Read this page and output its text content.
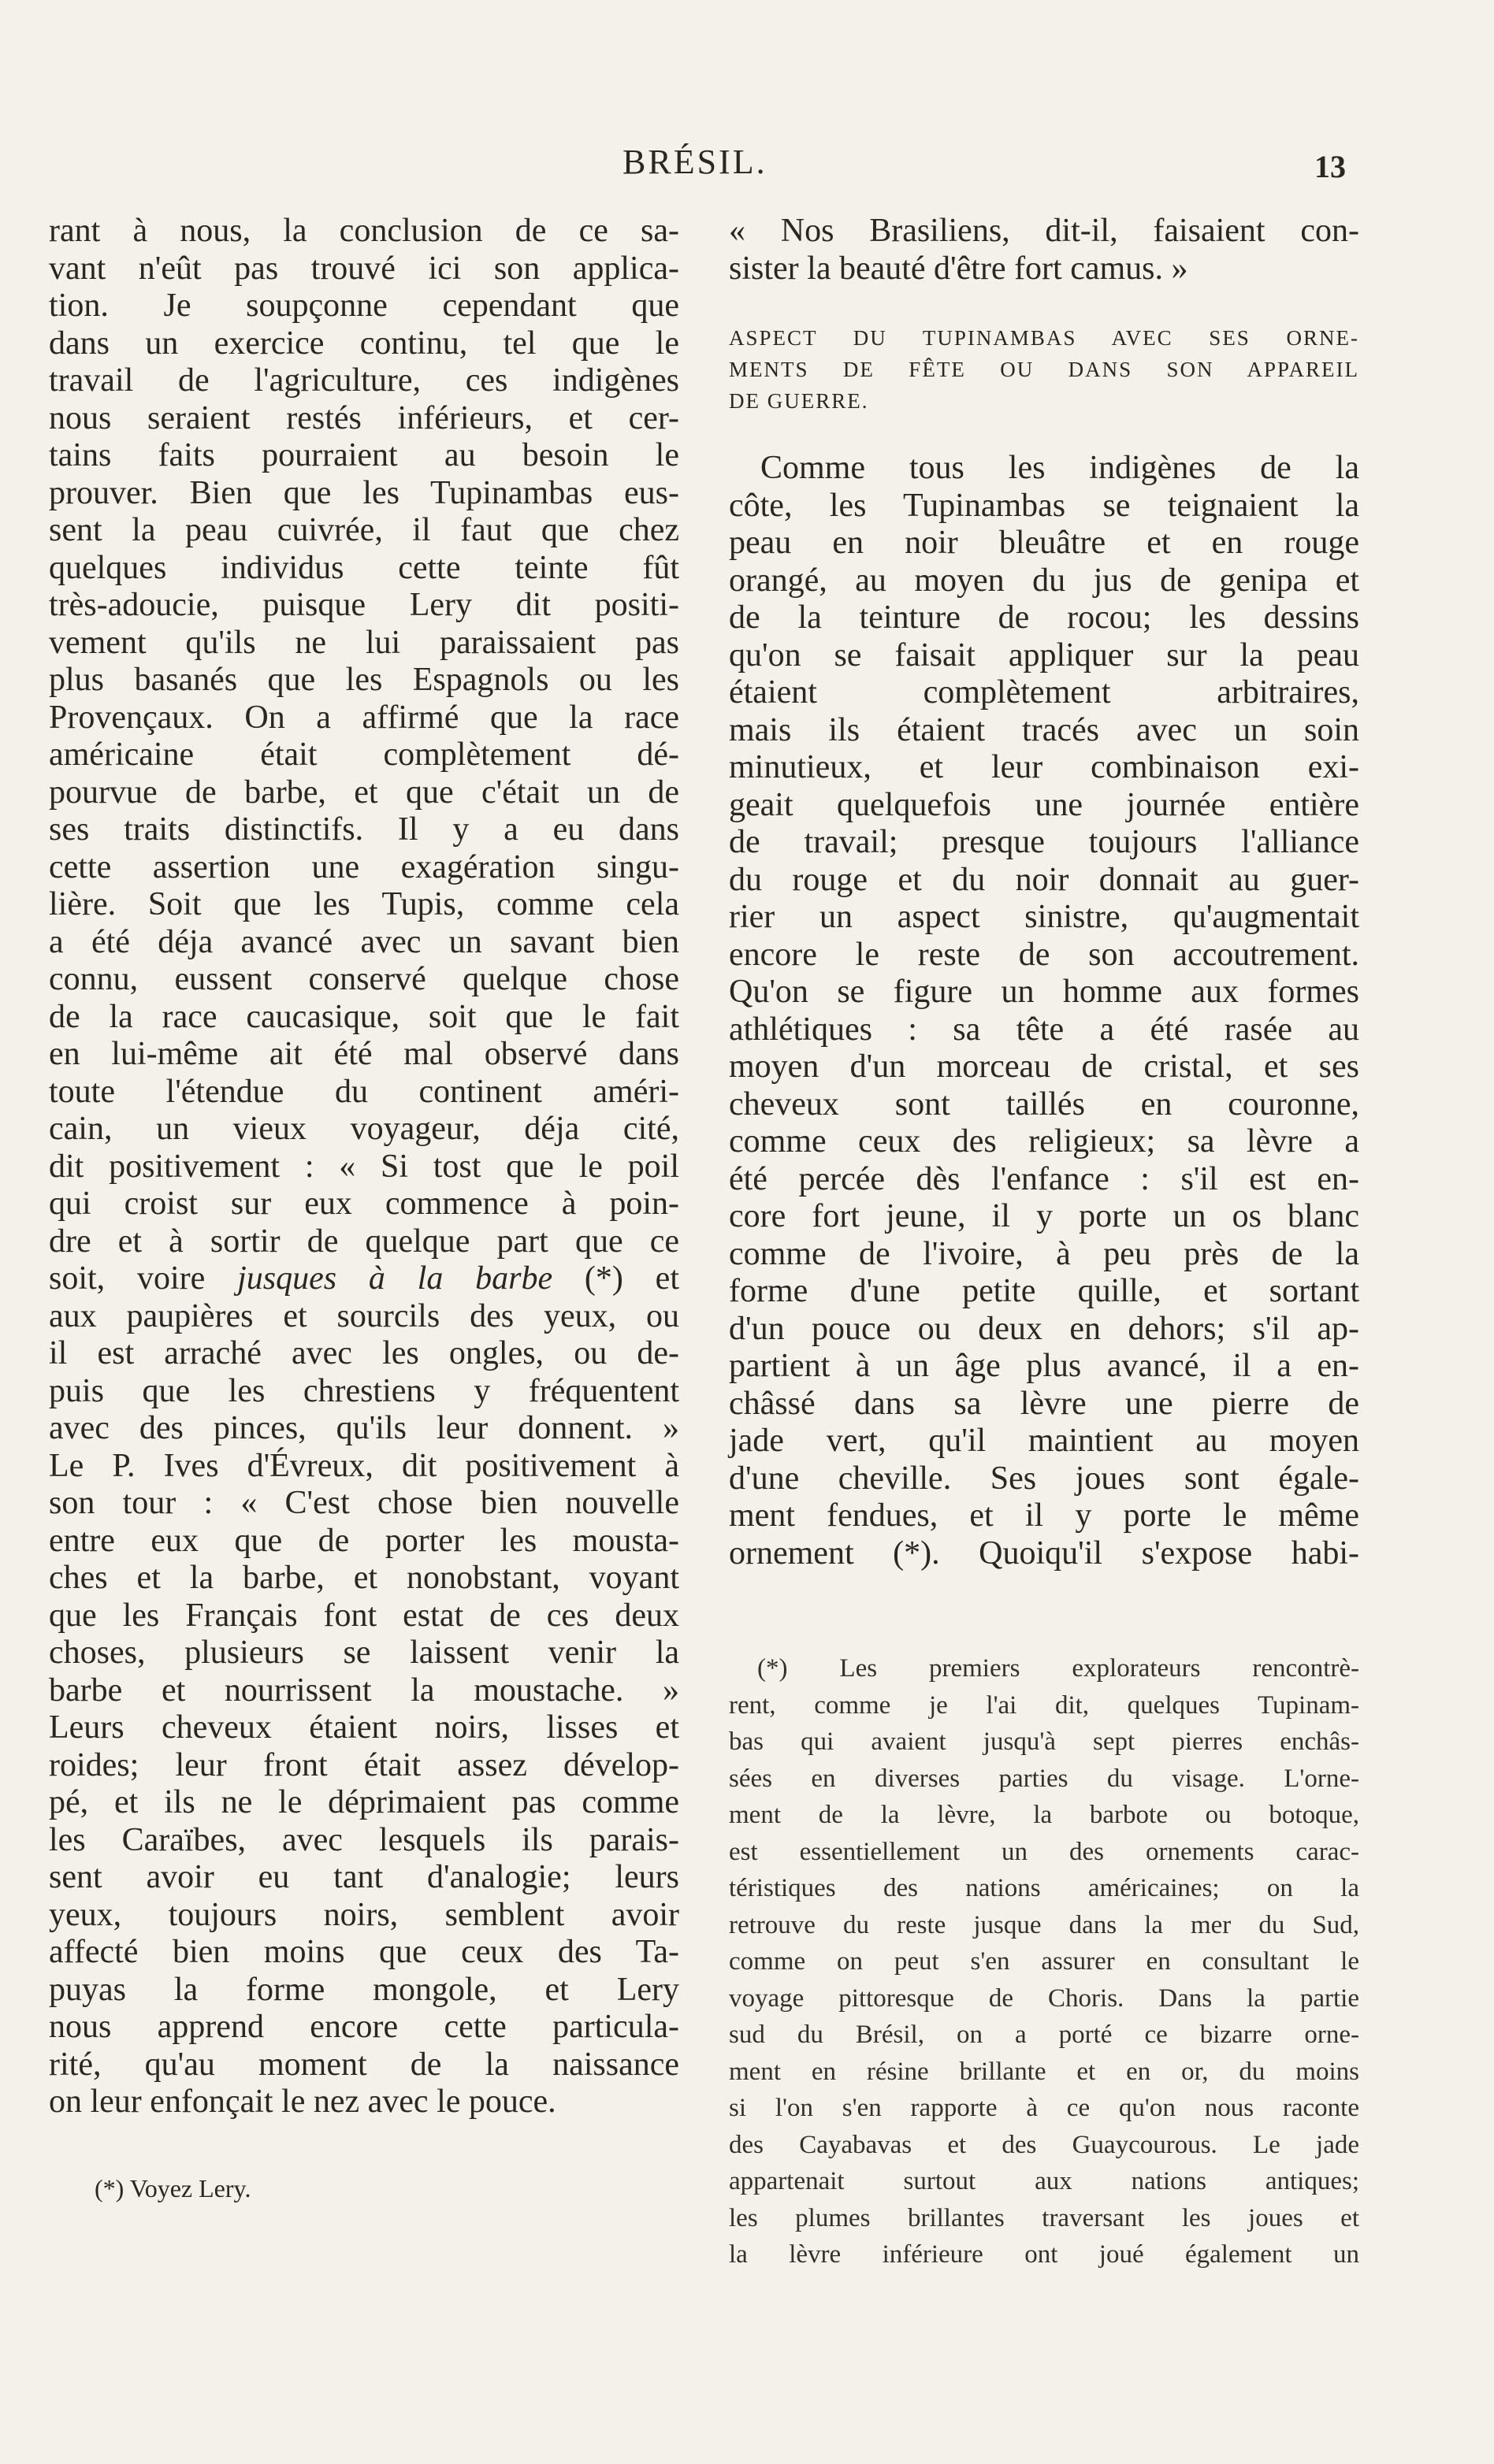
BRÉSIL.	13
rant à nous, la conclusion de ce sa-
vant n'eût pas trouvé ici son applica-
tion. Je soupçonne cependant que
dans un exercice continu, tel que le
travail de l'agriculture, ces indigènes
nous seraient restés inférieurs, et cer-
tains faits pourraient au besoin le
prouver. Bien que les Tupinambas eus-
sent la peau cuivrée, il faut que chez
quelques individus cette teinte fût
très-adoucie, puisque Lery dit positi-
vement qu'ils ne lui paraissaient pas
plus basanés que les Espagnols ou les
Provençaux. On a affirmé que la race
américaine était complètement dé-
pourvue de barbe, et que c'était un de
ses traits distinctifs. Il y a eu dans
cette assertion une exagération singu-
lière. Soit que les Tupis, comme cela
a été déja avancé avec un savant bien
connu, eussent conservé quelque chose
de la race caucasique, soit que le fait
en lui-même ait été mal observé dans
toute l'étendue du continent améri-
cain, un vieux voyageur, déja cité,
dit positivement : « Si tost que le poil
qui croist sur eux commence à poin-
dre et à sortir de quelque part que ce
soit, voire jusques à la barbe (*) et
aux paupières et sourcils des yeux, ou
il est arraché avec les ongles, ou de-
puis que les chrestiens y fréquentent
avec des pinces, qu'ils leur donnent. »
Le P. Ives d'Évreux, dit positivement à
son tour : « C'est chose bien nouvelle
entre eux que de porter les mousta-
ches et la barbe, et nonobstant, voyant
que les Français font estat de ces deux
choses, plusieurs se laissent venir la
barbe et nourrissent la moustache. »
Leurs cheveux étaient noirs, lisses et
roides; leur front était assez dévelop-
pé, et ils ne le déprimaient pas comme
les Caraïbes, avec lesquels ils parais-
sent avoir eu tant d'analogie; leurs
yeux, toujours noirs, semblent avoir
affecté bien moins que ceux des Ta-
puyas la forme mongole, et Lery
nous apprend encore cette particula-
rité, qu'au moment de la naissance
on leur enfonçait le nez avec le pouce.
(*) Voyez Lery.
« Nos Brasiliens, dit-il, faisaient con-
sister la beauté d'être fort camus. »
ASPECT DU TUPINAMBAS AVEC SES ORNE-
MENTS DE FÊTE OU DANS SON APPAREIL
DE GUERRE.
Comme tous les indigènes de la
côte, les Tupinambas se teignaient la
peau en noir bleuâtre et en rouge
orangé, au moyen du jus de genipa et
de la teinture de rocou; les dessins
qu'on se faisait appliquer sur la peau
étaient complètement arbitraires,
mais ils étaient tracés avec un soin
minutieux, et leur combinaison exi-
geait quelquefois une journée entière
de travail; presque toujours l'alliance
du rouge et du noir donnait au guer-
rier un aspect sinistre, qu'augmentait
encore le reste de son accoutrement.
Qu'on se figure un homme aux formes
athlétiques : sa tête a été rasée au
moyen d'un morceau de cristal, et ses
cheveux sont taillés en couronne,
comme ceux des religieux; sa lèvre a
été percée dès l'enfance : s'il est en-
core fort jeune, il y porte un os blanc
comme de l'ivoire, à peu près de la
forme d'une petite quille, et sortant
d'un pouce ou deux en dehors; s'il ap-
partient à un âge plus avancé, il a en-
châssé dans sa lèvre une pierre de
jade vert, qu'il maintient au moyen
d'une cheville. Ses joues sont égale-
ment fendues, et il y porte le même
ornement (*). Quoiqu'il s'expose habi-
(*) Les premiers explorateurs rencontrè-
rent, comme je l'ai dit, quelques Tupinam-
bas qui avaient jusqu'à sept pierres enchâs-
sées en diverses parties du visage. L'orne-
ment de la lèvre, la barbote ou botoque,
est essentiellement un des ornements carac-
téristiques des nations américaines; on la
retrouve du reste jusque dans la mer du Sud,
comme on peut s'en assurer en consultant le
voyage pittoresque de Choris. Dans la partie
sud du Brésil, on a porté ce bizarre orne-
ment en résine brillante et en or, du moins
si l'on s'en rapporte à ce qu'on nous raconte
des Cayabavas et des Guaycourous. Le jade
appartenait surtout aux nations antiques;
les plumes brillantes traversant les joues et
la lèvre inférieure ont joué également un
